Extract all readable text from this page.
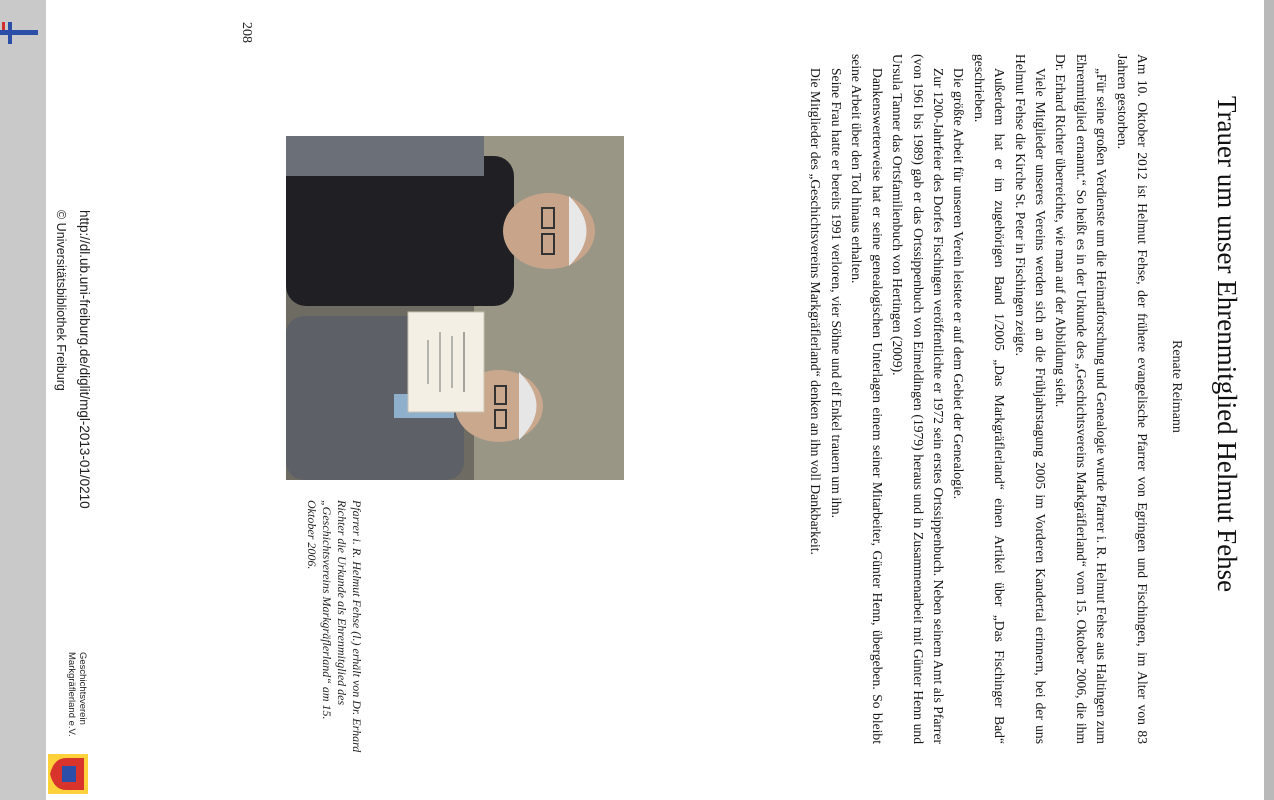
Trauer um unser Ehrenmitglied Helmut Fehse
Renate Reimann

Am 10. Oktober 2012 ist Helmut Fehse, der frühere evangelische Pfarrer von Egringen und Fischingen, im Alter von 83 Jahren gestorben.

„Für seine großen Verdienste um die Heimatforschung und Genealogie wurde Pfarrer i. R. Helmut Fehse aus Haltingen zum Ehrenmitglied ernannt.“ So heißt es in der Urkunde des „Geschichtsvereins Markgräflerland“ vom 15. Oktober 2006, die ihm Dr. Erhard Richter überreichte, wie man auf der Abbildung sieht.

Viele Mitglieder unseres Vereins werden sich an die Frühjahrstagung 2005 im Vorderen Kandertal erinnern, bei der uns Helmut Fehse die Kirche St. Peter in Fischingen zeigte.

Außerdem hat er im zugehörigen Band 1/2005 „Das Markgräflerland“ einen Artikel über „Das Fischinger Bad“ geschrieben.

Die größte Arbeit für unseren Verein leistete er auf dem Gebiet der Genealogie.

Zur 1200-Jahrfeier des Dorfes Fischingen veröffentlichte er 1972 sein erstes Ortssippenbuch. Neben seinem Amt als Pfarrer (von 1961 bis 1989) gab er das Ortssippenbuch von Eimeldingen (1979) heraus und in Zusammenarbeit mit Günter Henn und Ursula Tanner das Ortsfamilienbuch von Hertingen (2009).

Dankenswerterweise hat er seine genealogischen Unterlagen einem seiner Mitarbeiter, Günter Henn, übergeben. So bleibt seine Arbeit über den Tod hinaus erhalten.

Seine Frau hatte er bereits 1991 verloren, vier Söhne und elf Enkel trauern um ihn.

Die Mitglieder des „Geschichtsvereins Markgräflerland“ denken an ihn voll Dankbarkeit.

Pfarrer i. R. Helmut Fehse (l.) erhält von Dr. Erhard Richter die Urkunde als Ehrenmitglied des „Geschichtsvereins Markgräflerland“ am 15. Oktober 2006.
208
http://dl.ub.uni-freiburg.de/diglit/mgl-2013-01/0210
© Universitätsbibliothek Freiburg
Geschichtsverein Markgräflerland e.V.
